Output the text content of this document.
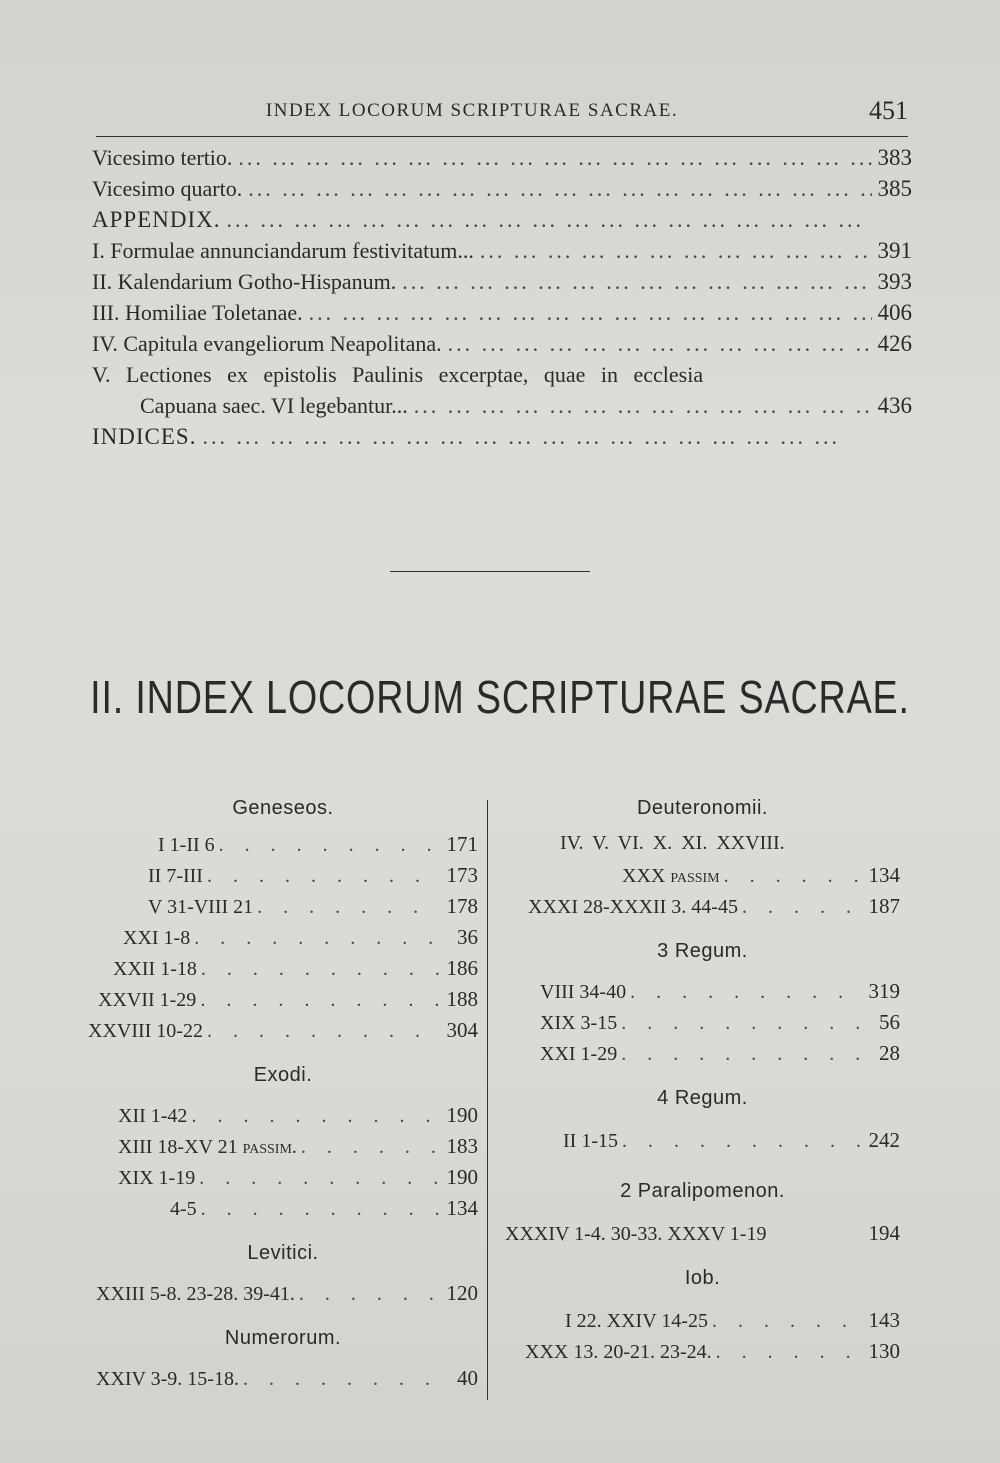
INDEX LOCORUM SCRIPTURAE SACRAE.	451
Vicesimo tertio. ... .	383
Vicesimo quarto. ... .	385
APPENDIX.
... .
I. Formulae annunciandarum festivitatum... ... .	391
II. Kalendarium Gotho-Hispanum. ... .	393
III. Homiliae Toletanae. ... .	406
IV. Capitula evangeliorum Neapolitana. ... .	426
V. Lectiones ex epistolis Paulinis excerptae, quae in ecclesia
Capuana saec. VI legebantur... ... .	436
INDICES.
... .
II. INDEX LOCORUM SCRIPTURAE SACRAE.
Geneseos.
I 1-II 6 . . .	171
II 7-III . . .	173
V 31-VIII 21 . . .	178
XXI 1-8 . . .	36
XXII 1-18 . . .	186
XXVII 1-29 . . .	188
XXVIII 10-22 . . .	304
Exodi.
XII 1-42 . . .	190
XIII 18-XV 21 passim. . . .	183
XIX 1-19 . . .	190
4-5 . . .	134
Levitici.
XXIII 5-8. 23-28. 39-41. . . .	120
Numerorum.
XXIV 3-9. 15-18. . . .	40
Deuteronomii.
IV. V. VI. X. XI. XXVIII.
XXX passim . . .	134
XXXI 28-XXXII 3. 44-45 . . .	187
3 Regum.
VIII 34-40 . . .	319
XIX 3-15 . . .	56
XXI 1-29 . . .	28
4 Regum.
II 1-15 . . .	242
2 Paralipomenon.
XXXIV 1-4. 30-33. XXXV 1-19	194
Iob.
I 22. XXIV 14-25 . . .	143
XXX 13. 20-21. 23-24. . . .	130
